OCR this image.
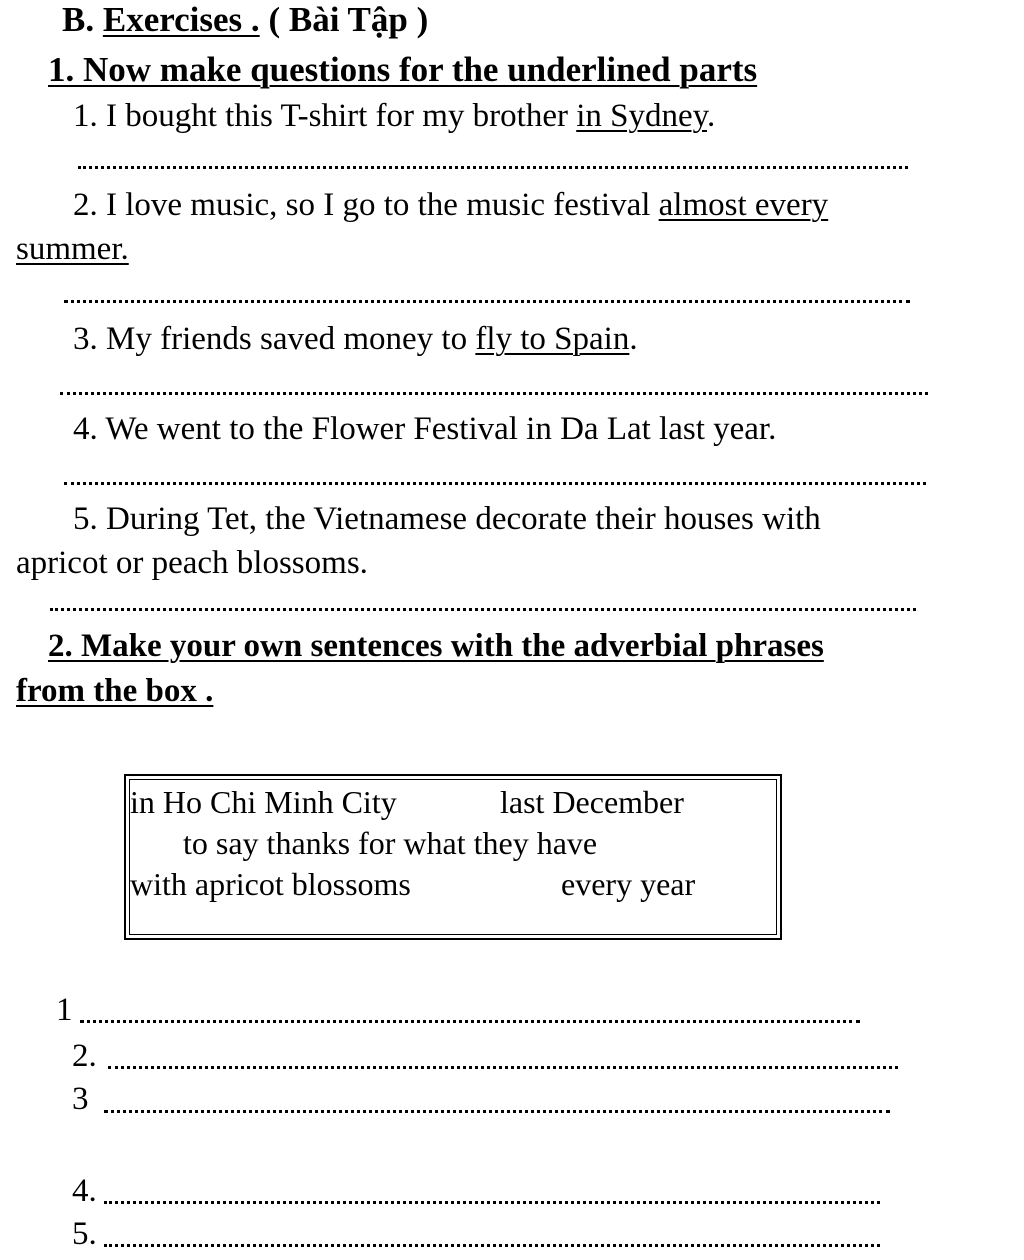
B. Exercises . ( Bài Tập )
1. Now make questions for the underlined parts
1. I bought this T-shirt for my brother in Sydney.
2. I love music, so I go to the music festival almost every
summer.
3. My friends saved money to fly to Spain.
4. We went to the Flower Festival in Da Lat last year.
5. During Tet, the Vietnamese decorate their houses with
apricot or peach blossoms.
2. Make your own sentences with the adverbial phrases
from the box .
in Ho Chi Minh City	last December
to say thanks for what they have
with apricot blossoms	every year
1
2.
3
4.
5.
